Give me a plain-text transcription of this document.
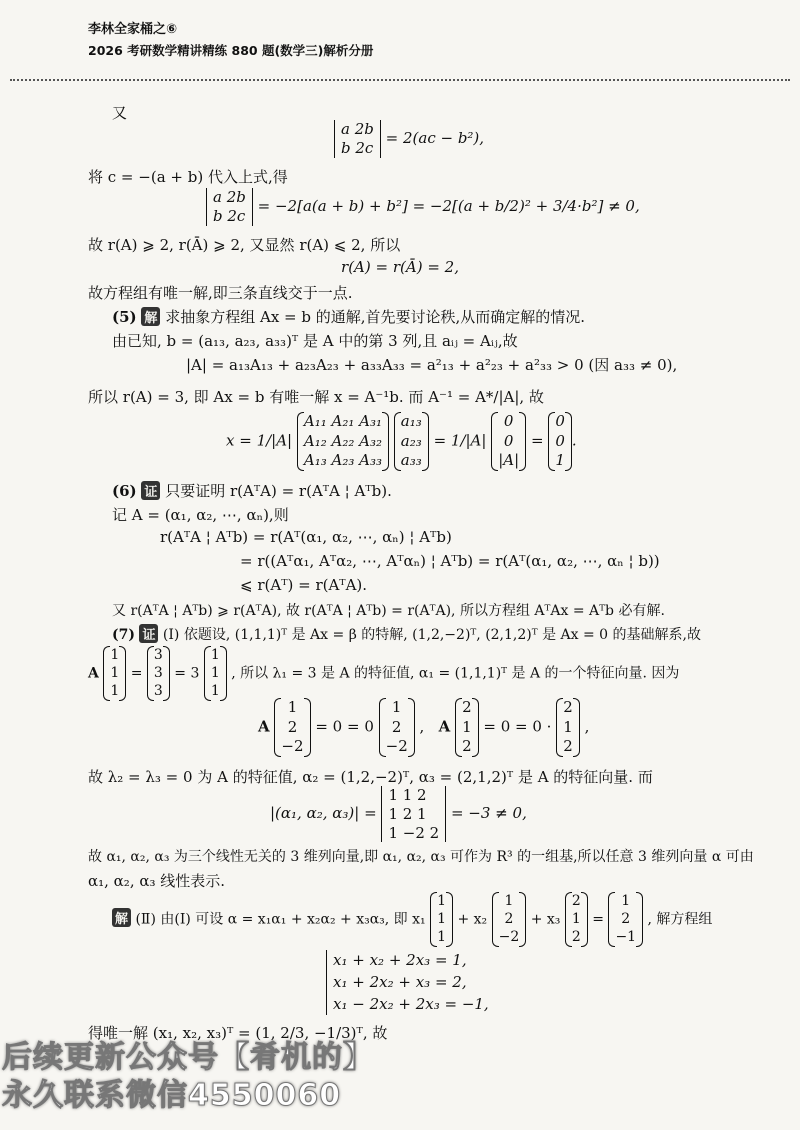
李林全家桶之⑥
2026 考研数学精讲精练 880 题(数学三)解析分册
又
a 2b
b 2c
= 2(ac − b²),
将 c = −(a + b) 代入上式,得
a 2b
b 2c
= −2[a(a + b) + b²] = −2[(a + b/2)² + 3/4·b²] ≠ 0,
故 r(A) ⩾ 2, r(Ā) ⩾ 2, 又显然 r(A) ⩽ 2, 所以
r(A) = r(Ā) = 2,
故方程组有唯一解,即三条直线交于一点.
(5) 解 求抽象方程组 Ax = b 的通解,首先要讨论秩,从而确定解的情况.
由已知, b = (a₁₃, a₂₃, a₃₃)ᵀ 是 A 中的第 3 列,且 aᵢⱼ = Aᵢⱼ,故
|A| = a₁₃A₁₃ + a₂₃A₂₃ + a₃₃A₃₃ = a²₁₃ + a²₂₃ + a²₃₃ > 0 (因 a₃₃ ≠ 0),
所以 r(A) = 3, 即 Ax = b 有唯一解 x = A⁻¹b. 而 A⁻¹ = A*/|A|, 故
x = 1/|A|
A₁₁ A₂₁ A₃₁
A₁₂ A₂₂ A₃₂
A₁₃ A₂₃ A₃₃

a₁₃
a₂₃
a₃₃
= 1/|A|
0
0
|A|
=
0
0
1
.
(6) 证 只要证明 r(AᵀA) = r(AᵀA ¦ Aᵀb).
记 A = (α₁, α₂, ⋯, αₙ),则
r(AᵀA ¦ Aᵀb) = r(Aᵀ(α₁, α₂, ⋯, αₙ) ¦ Aᵀb)
= r((Aᵀα₁, Aᵀα₂, ⋯, Aᵀαₙ) ¦ Aᵀb) = r(Aᵀ(α₁, α₂, ⋯, αₙ ¦ b))
⩽ r(Aᵀ) = r(AᵀA).
又 r(AᵀA ¦ Aᵀb) ⩾ r(AᵀA), 故 r(AᵀA ¦ Aᵀb) = r(AᵀA), 所以方程组 AᵀAx = Aᵀb 必有解.
(7) 证 (Ⅰ) 依题设, (1,1,1)ᵀ 是 Ax = β 的特解, (1,2,−2)ᵀ, (2,1,2)ᵀ 是 Ax = 0 的基础解系,故
A
1
1
1
=
3
3
3
= 3
1
1
1
, 所以 λ₁ = 3 是 A 的特征值, α₁ = (1,1,1)ᵀ 是 A 的一个特征向量. 因为
A
1
2
−2
= 0 = 0
1
2
−2
, A
2
1
2
= 0 = 0 ·
2
1
2
,
故 λ₂ = λ₃ = 0 为 A 的特征值, α₂ = (1,2,−2)ᵀ, α₃ = (2,1,2)ᵀ 是 A 的特征向量. 而
|(α₁, α₂, α₃)| =
1 1 2
1 2 1
1 −2 2
= −3 ≠ 0,
故 α₁, α₂, α₃ 为三个线性无关的 3 维列向量,即 α₁, α₂, α₃ 可作为 R³ 的一组基,所以任意 3 维列向量 α 可由
α₁, α₂, α₃ 线性表示.
解 (Ⅱ) 由(Ⅰ) 可设 α = x₁α₁ + x₂α₂ + x₃α₃, 即 x₁
1
1
1
+ x₂
1
2
−2
+ x₃
2
1
2
=
1
2
−1
, 解方程组
x₁ + x₂ + 2x₃ = 1,
x₁ + 2x₂ + x₃ = 2,
x₁ − 2x₂ + 2x₃ = −1,
得唯一解 (x₁, x₂, x₃)ᵀ = (1, 2/3, −1/3)ᵀ, 故
后续更新公众号【肴机的】
永久联系微信4550060
